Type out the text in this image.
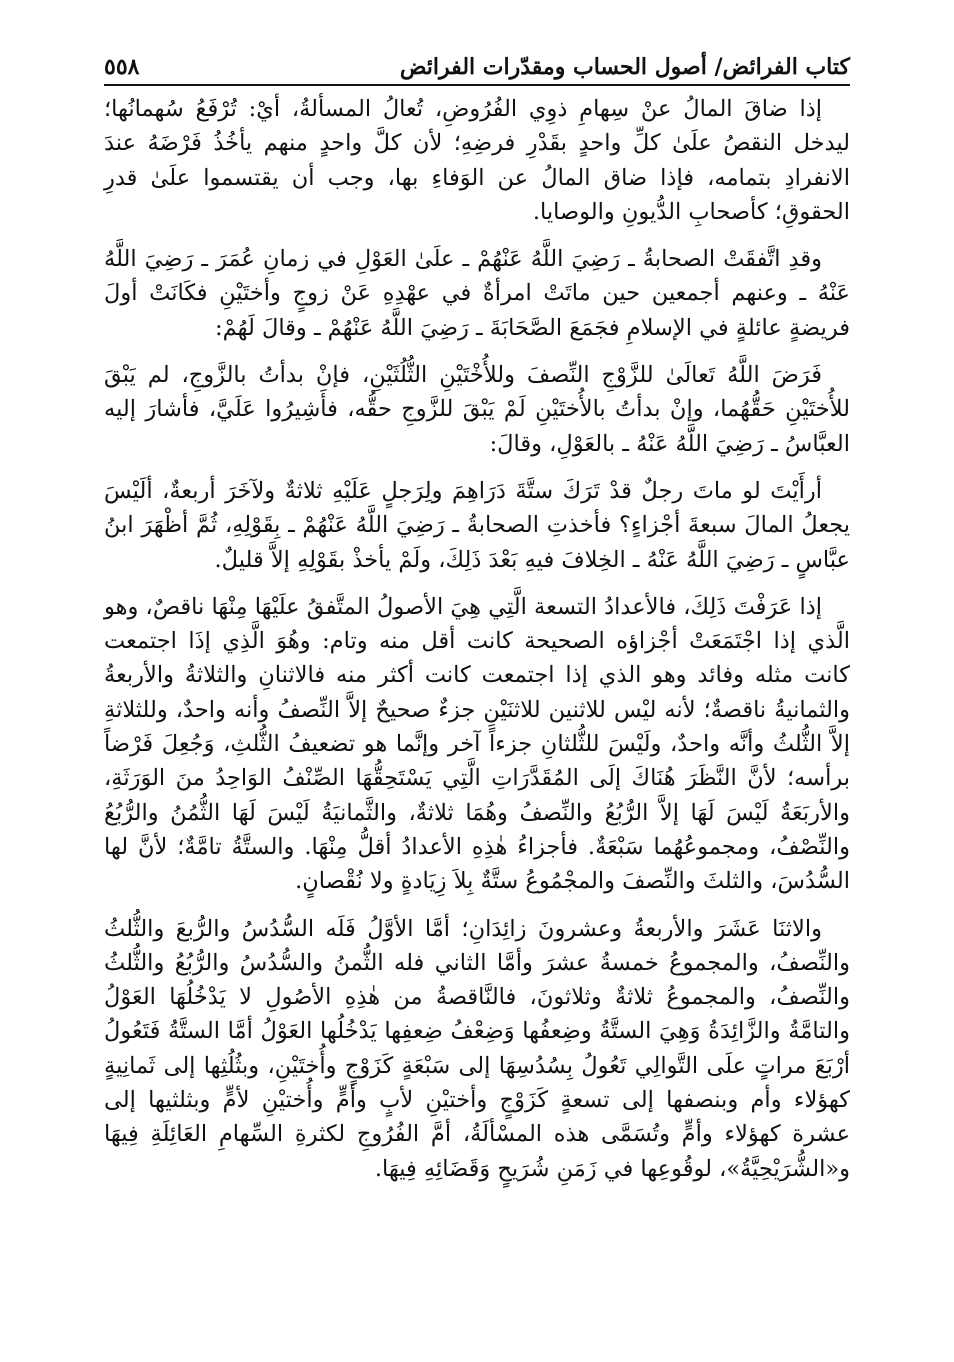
كتاب الفرائض/ أصول الحساب ومقدّرات الفرائض
٥٥٨

إذا ضاقَ المالُ عنْ سِهامِ ذوِي الفُرُوضِ، تُعالُ المسألةُ، أيْ: تُرْفَعُ سُهمانُها؛ ليدخل النقصُ علَىٰ كلِّ واحدٍ بقَدْرِ فرضِهِ؛ لأن كلَّ واحدٍ منهم يأخُذُ فَرْضَهُ عندَ الانفرادِ بتمامه، فإذا ضاق المالُ عن الوَفاءِ بها، وجب أن يقتسموا علَىٰ قدرِ الحقوقِ؛ كأصحابِ الدُّيونِ والوصايا.

وقدِ اتَّفقَتْ الصحابةُ ـ رَضِيَ اللَّهُ عَنْهُمْ ـ علَىٰ العَوْلِ في زمانِ عُمَرَ ـ رَضِيَ اللَّهُ عَنْهُ ـ وعنهم أجمعين حين ماتَتْ امرأةٌ في عهْدِهِ عَنْ زوجٍ وأختَيْنِ فكَانَتْ أولَ فريضةٍ عائلةٍ في الإسلامِ فجَمَعَ الصَّحَابَةَ ـ رَضِيَ اللَّهُ عَنْهُمْ ـ وقالَ لَهُمْ:

فَرَضَ اللَّهُ تَعالَىٰ للزَّوْجِ النِّصفَ وللأُخْتَيْنِ الثُّلُثَيْنِ، فإنْ بدأتُ بالزَّوجِ، لم يَبْقَ للأُختَيْنِ حَقُّهُما، وإنْ بدأتُ بالأُختَيْنِ لَمْ يَبْقَ للزَّوجِ حقُّه، فأَشِيرُوا عَلَيَّ، فأشارَ إليه العبَّاسُ ـ رَضِيَ اللَّهُ عَنْهُ ـ بالعَوْلِ، وقالَ:

أرأَيْتَ لو ماتَ رجلٌ قدْ تَرَكَ ستَّةَ دَرَاهِمَ ولِرَجلٍ عَلَيْهِ ثلاثةٌ ولآخَرَ أربعةٌ، ألَيْسَ يجعلُ المالَ سبعةَ أجْزاءٍ؟ فأخذتِ الصحابةُ ـ رَضِيَ اللَّهُ عَنْهُمْ ـ بِقَوْلِهِ، ثُمَّ أظْهَرَ ابنُ عبَّاسٍ ـ رَضِيَ اللَّهُ عَنْهُ ـ الخِلافَ فيهِ بَعْدَ ذَلِكَ، ولَمْ يأخذْ بقَوْلِهِ إلاَّ قليلٌ.

إذا عَرَفْتَ ذَلِكَ، فالأعدادُ التسعة الَّتِي هِيَ الأصولُ المتَّفقُ علَيْهَا مِنْهَا ناقصٌ، وهو الَّذي إذا اجْتَمَعَتْ أجْزاؤه الصحيحة كانت أقل منه وتام: وهُوَ الَّذِي إذَا اجتمعت كانت مثله وفائد وهو الذي إذا اجتمعت كانت أكثر منه فالاثنانِ والثلاثةُ والأربعةُ والثمانيةُ ناقصةٌ؛ لأنه ليْس للاثنين للاثنَيْنِ جزءٌ صحيحٌ إلاَّ النِّصفُ وأنه واحدٌ، وللثلاثةِ إلاَّ الثُّلثُ وأنَّه واحدٌ، ولَيْسَ للثُّلثانِ جزءاً آخر وإنَّما هو تضعيفُ الثُّلثِ، وَجُعِلَ فَرْضاً برأسه؛ لأنَّ النَّظَرَ هُنَاكَ إلَى المُقَدَّرَاتِ الَّتِي يَسْتَحِقُّهَا الصِّنْفُ الوَاحِدُ منَ الوَرَثَةِ، والأربَعَةُ لَيْسَ لَهَا إلاَّ الرُّبُعُ والنِّصفُ وهُمَا ثلاثةٌ، والثَّمانيَةُ لَيْسَ لَهَا الثُّمُنُ والرُّبُعُ والنِّصْفُ، ومجموعُهُما سَبْعَةٌ. فأجزاءُ هٰذِهِ الأعدادُ أقلُّ مِنْهَا. والستَّةُ تامَّةٌ؛ لأنَّ لها السُّدُسَ، والثلثَ والنِّصفَ والمجْمُوعُ ستَّةٌ بِلاَ زِيَادةٍ ولا نُقْصانٍ.

والاثنَا عَشَرَ والأربعةُ وعشرونَ زائِدَانِ؛ أمَّا الأوَّلُ فَلَه السُّدُسُ والرُّبعَ والثُّلثُ والنِّصفُ، والمجموعُ خمسةُ عشرَ وأمَّا الثاني فله الثُّمنُ والسُّدُسُ والرُّبُعُ والثُّلثُ والنِّصفُ، والمجموعُ ثلاثةٌ وثلاثونَ، فالنَّاقصةُ من هٰذِهِ الأصُولِ لا يَدْخُلُهَا العَوْلُ والتامَّةُ والزَّائِدَةُ وَهِيَ الستَّةُ وضِعفُها وَضِعْفُ ضِعفِها يَدْخُلُها العَوْلُ أمَّا الستَّةُ فَتَعُولُ أرْبَعَ مراتٍ علَى التَّوالِي تَعُولُ بِسُدُسِهَا إلى سَبْعَةٍ كَزَوْجٍ وأُختَيْنِ، وبثُلُثِها إلى ثَمانِيةٍ كهؤلاء وأم وبنصفها إلى تسعةٍ كَزَوْجٍ وأختيْنِ لأبٍ وأمٍّ وأُختيْنِ لأمٍّ وبثلثيها إلى عشرة كهؤلاء وأمٍّ وتُسَمَّى هذه المسْألَةُ، أمَّ الفُرُوجِ لكثرةِ السِّهامِ العَائِلَةِ فِيهَا و«الشُّرَيْحِيَّةُ»، لوقُوعِها في زَمَنِ شُرَيحٍ وَقَضَائِهِ فِيهَا.
